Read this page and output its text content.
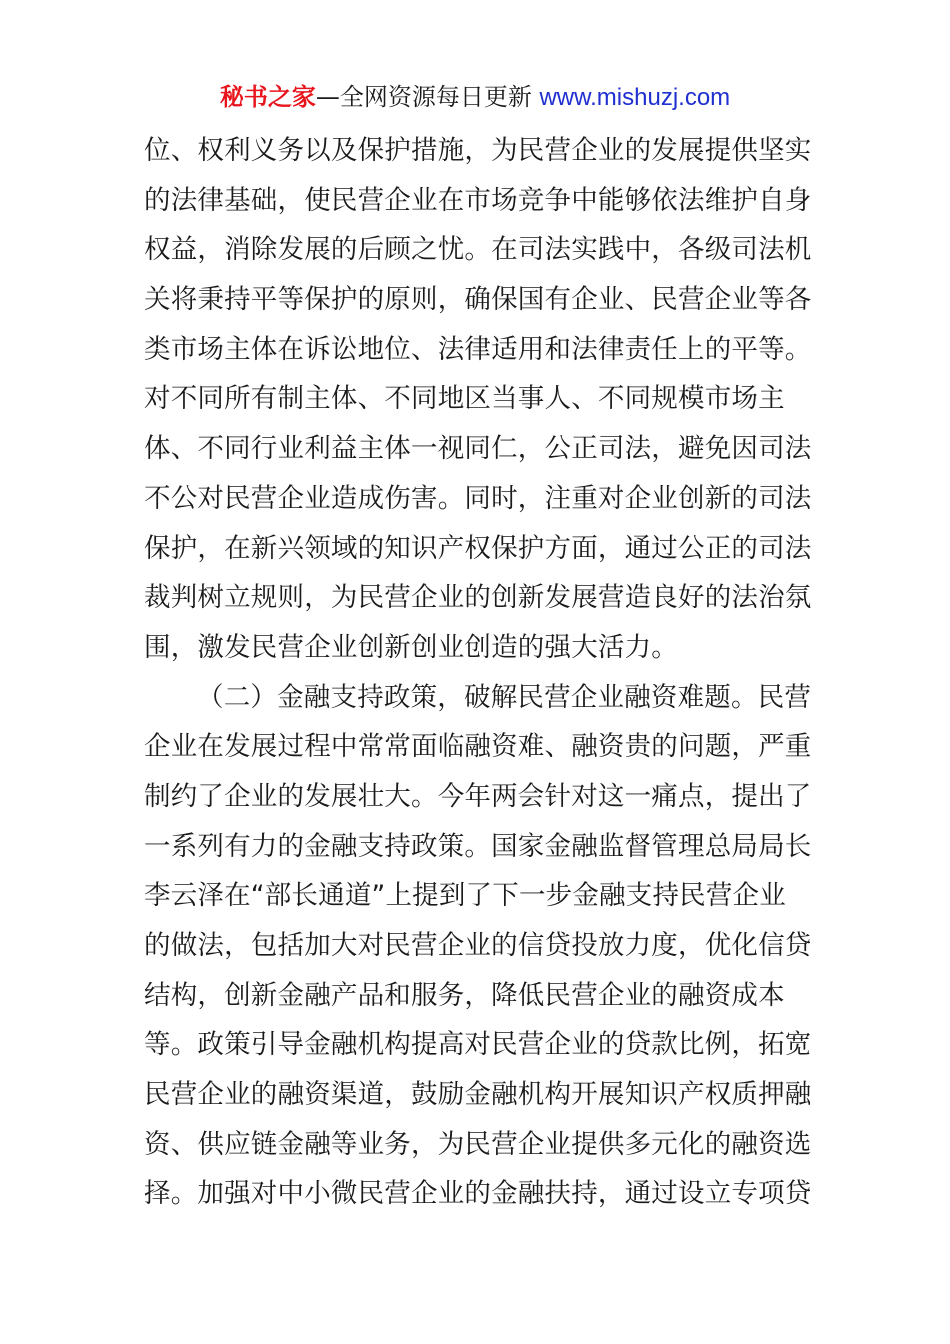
秘书之家—全网资源每日更新 www.mishuzj.com
位、权利义务以及保护措施，为民营企业的发展提供坚实
的法律基础，使民营企业在市场竞争中能够依法维护自身
权益，消除发展的后顾之忧。在司法实践中，各级司法机
关将秉持平等保护的原则，确保国有企业、民营企业等各
类市场主体在诉讼地位、法律适用和法律责任上的平等。
对不同所有制主体、不同地区当事人、不同规模市场主
体、不同行业利益主体一视同仁，公正司法，避免因司法
不公对民营企业造成伤害。同时，注重对企业创新的司法
保护，在新兴领域的知识产权保护方面，通过公正的司法
裁判树立规则，为民营企业的创新发展营造良好的法治氛
围，激发民营企业创新创业创造的强大活力。
（二）金融支持政策，破解民营企业融资难题。民营
企业在发展过程中常常面临融资难、融资贵的问题，严重
制约了企业的发展壮大。今年两会针对这一痛点，提出了
一系列有力的金融支持政策。国家金融监督管理总局局长
李云泽在“部长通道”上提到了下一步金融支持民营企业
的做法，包括加大对民营企业的信贷投放力度，优化信贷
结构，创新金融产品和服务，降低民营企业的融资成本
等。政策引导金融机构提高对民营企业的贷款比例，拓宽
民营企业的融资渠道，鼓励金融机构开展知识产权质押融
资、供应链金融等业务，为民营企业提供多元化的融资选
择。加强对中小微民营企业的金融扶持，通过设立专项贷
